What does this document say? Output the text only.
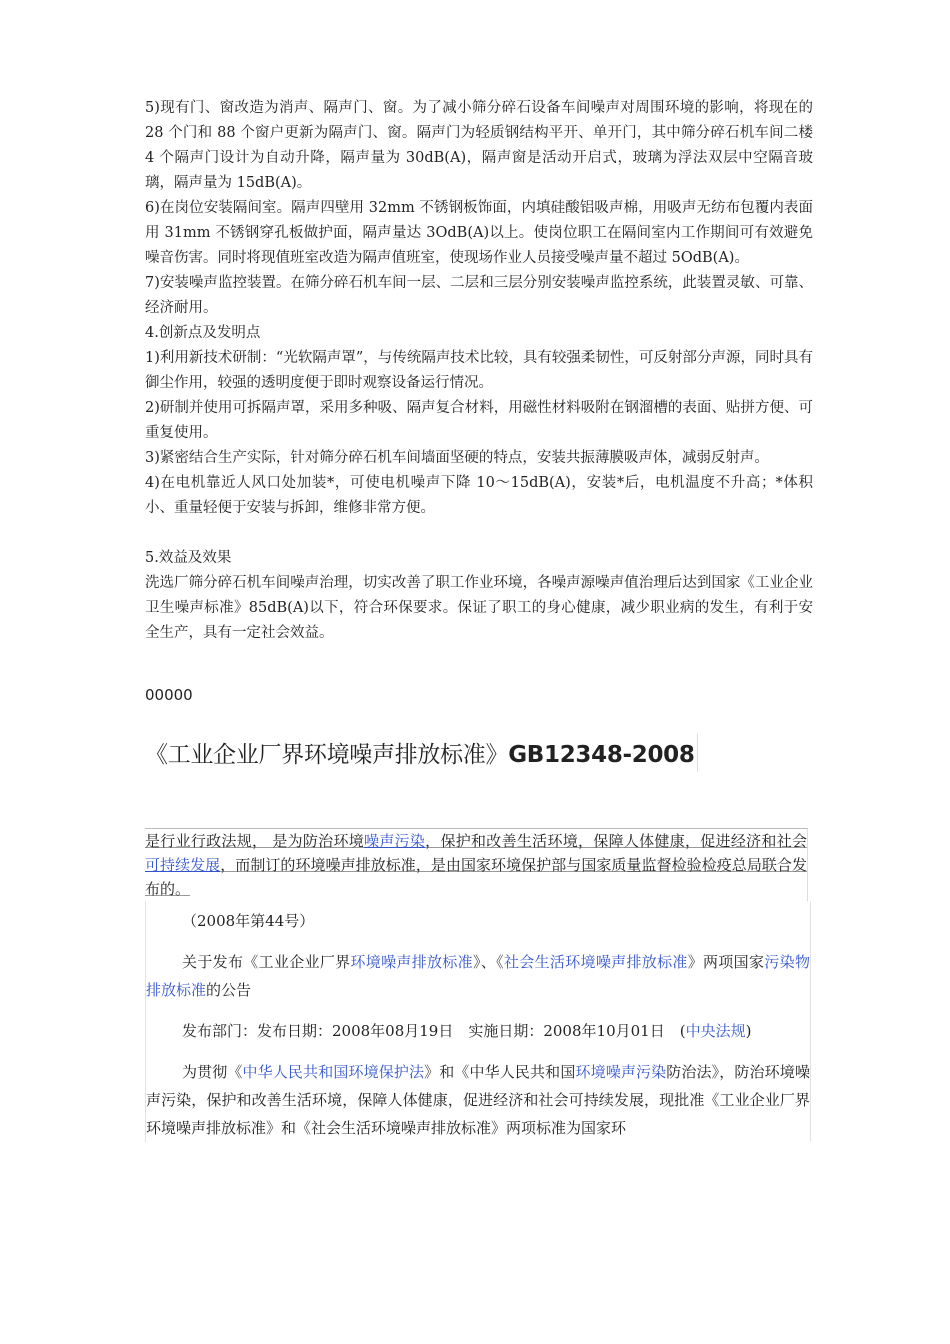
5)现有门、窗改造为消声、隔声门、窗。为了减小筛分碎石设备车间噪声对周围环境的影响，将现在的 28 个门和 88 个窗户更新为隔声门、窗。隔声门为轻质钢结构平开、单开门，其中筛分碎石机车间二楼 4 个隔声门设计为自动升降，隔声量为 30dB(A)，隔声窗是活动开启式，玻璃为浮法双层中空隔音玻璃，隔声量为 15dB(A)。

6)在岗位安装隔间室。隔声四壁用 32mm 不锈钢板饰面，内填硅酸铝吸声棉，用吸声无纺布包覆内表面用 31mm 不锈钢穿孔板做护面，隔声量达 3OdB(A)以上。使岗位职工在隔间室内工作期间可有效避免噪音伤害。同时将现值班室改造为隔声值班室，使现场作业人员接受噪声量不超过 5OdB(A)。

7)安装噪声监控装置。在筛分碎石机车间一层、二层和三层分别安装噪声监控系统，此装置灵敏、可靠、经济耐用。

4.创新点及发明点

1)利用新技术研制：“光软隔声罩”，与传统隔声技术比较，具有较强柔韧性，可反射部分声源，同时具有御尘作用，较强的透明度便于即时观察设备运行情况。

2)研制并使用可拆隔声罩，采用多种吸、隔声复合材料，用磁性材料吸附在钢溜槽的表面、贴拼方便、可重复使用。

3)紧密结合生产实际，针对筛分碎石机车间墙面坚硬的特点，安装共振薄膜吸声体，减弱反射声。

4)在电机靠近人风口处加装*，可使电机噪声下降 10～15dB(A)，安装*后，电机温度不升高；*体积小、重量轻便于安装与拆卸，维修非常方便。

5.效益及效果

洗选厂筛分碎石机车间噪声治理，切实改善了职工作业环境，各噪声源噪声值治理后达到国家《工业企业卫生噪声标准》85dB(A)以下，符合环保要求。保证了职工的身心健康，减少职业病的发生，有利于安全生产，具有一定社会效益。

00000

《工业企业厂界环境噪声排放标准》GB12348-2008

是行业行政法规， 是为防治环境噪声污染，保护和改善生活环境，保障人体健康，促进经济和社会可持续发展，而制订的环境噪声排放标准，是由国家环境保护部与国家质量监督检验检疫总局联合发布的。

（2008年第44号）

关于发布《工业企业厂界环境噪声排放标准》、《社会生活环境噪声排放标准》两项国家污染物排放标准的公告

发布部门：发布日期：2008年08月19日　实施日期：2008年10月01日　(中央法规)

为贯彻《中华人民共和国环境保护法》和《中华人民共和国环境噪声污染防治法》，防治环境噪声污染，保护和改善生活环境，保障人体健康，促进经济和社会可持续发展，现批准《工业企业厂界环境噪声排放标准》和《社会生活环境噪声排放标准》两项标准为国家环
